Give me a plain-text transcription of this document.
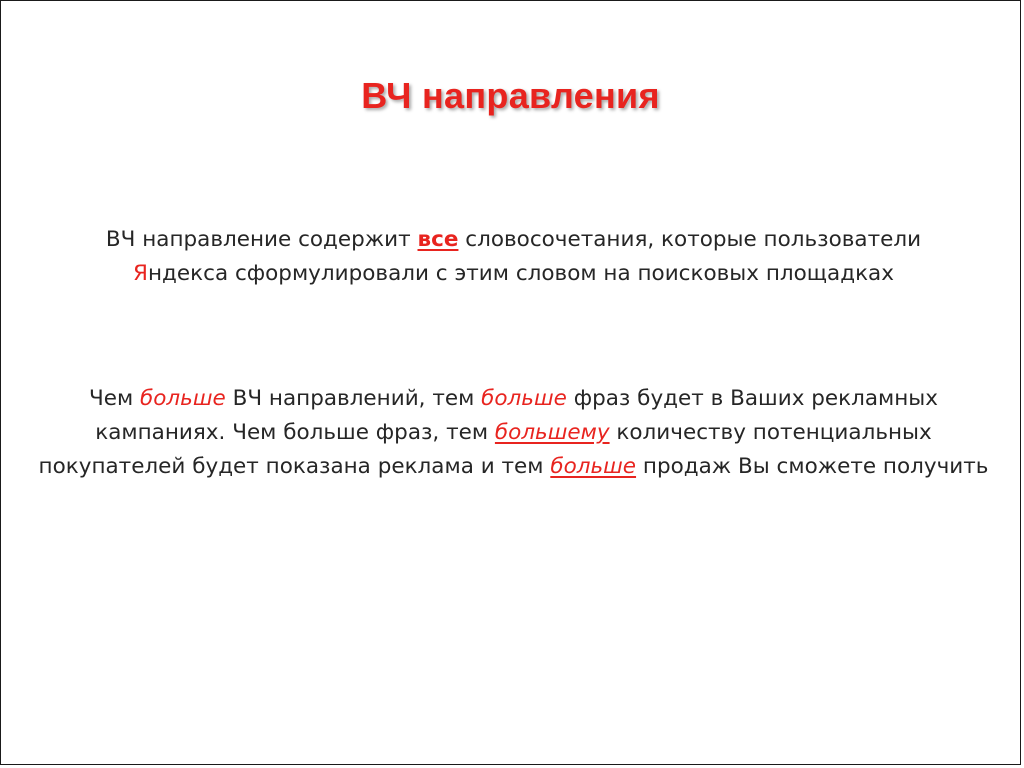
ВЧ направления
ВЧ направление содержит все словосочетания, которые пользователи
Яндекса сформулировали с этим словом на поисковых площадках
Чем больше ВЧ направлений, тем больше фраз будет в Ваших рекламных кампаниях. Чем больше фраз, тем большему количеству потенциальных покупателей будет показана реклама и тем больше продаж Вы сможете получить
